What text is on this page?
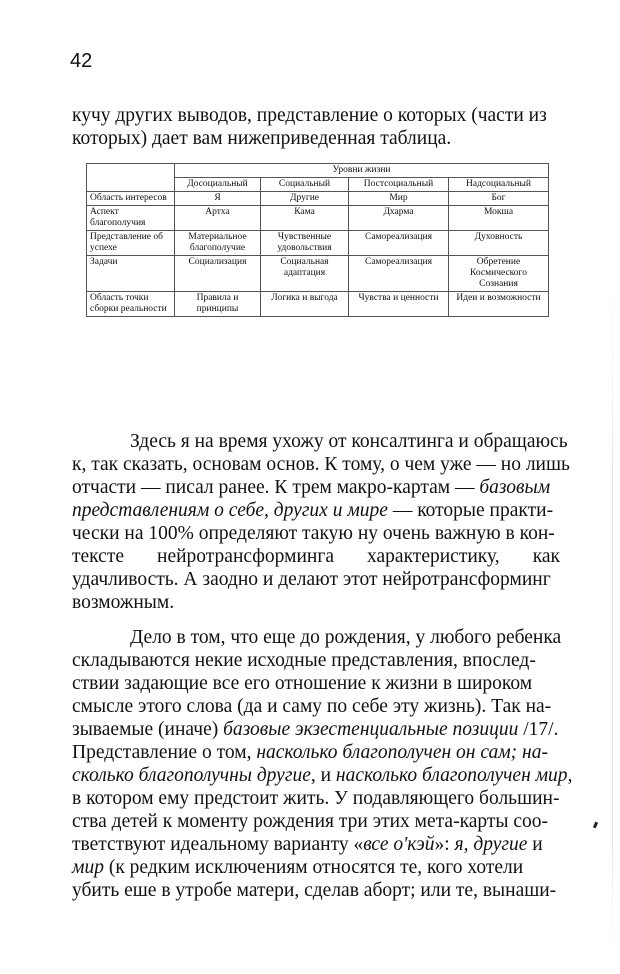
42

кучу других выводов, представление о которых (части из
которых) дает вам нижеприведенная таблица.

	Уровни жизни			
	Досоциальный	Социальный	Постсоциальный	Надсоциальный
Область интересов	Я	Другие	Мир	Бог
Аспект благополучия	Артха	Кама	Дхарма	Мокша
Представление об успехе	Материальное благополучие	Чувственные удовольствия	Самореализация	Духовность
Задачи	Социализация	Социальная адаптация	Самореализация	Обретение Космического Сознания
Область точки сборки реальности	Правила и принципы	Логика и выгода	Чувства и ценности	Идеи и возможности

Здесь я на время ухожу от консалтинга и обращаюсь
к, так сказать, основам основ. К тому, о чем уже — но лишь
отчасти — писал ранее. К трем макро-картам — базовым
представлениям о себе, других и мире — которые практи-
чески на 100% определяют такую ну очень важную в кон-
тексте нейротрансформинга характеристику, как
удачливость. А заодно и делают этот нейротрансформинг
возможным.

Дело в том, что еще до рождения, у любого ребенка
складываются некие исходные представления, впослед-
ствии задающие все его отношение к жизни в широком
смысле этого слова (да и саму по себе эту жизнь). Так на-
зываемые (иначе) базовые экзестенциальные позиции /17/.
Представление о том, насколько благополучен он сам; на-
сколько благополучны другие, и насколько благополучен мир,
в котором ему предстоит жить. У подавляющего большин-
ства детей к моменту рождения три этих мета-карты соо-
тветствуют идеальному варианту «все о'кэй»: я, другие и
мир (к редким исключениям относятся те, кого хотели
убить еше в утробе матери, сделав аборт; или те, вынаши-
